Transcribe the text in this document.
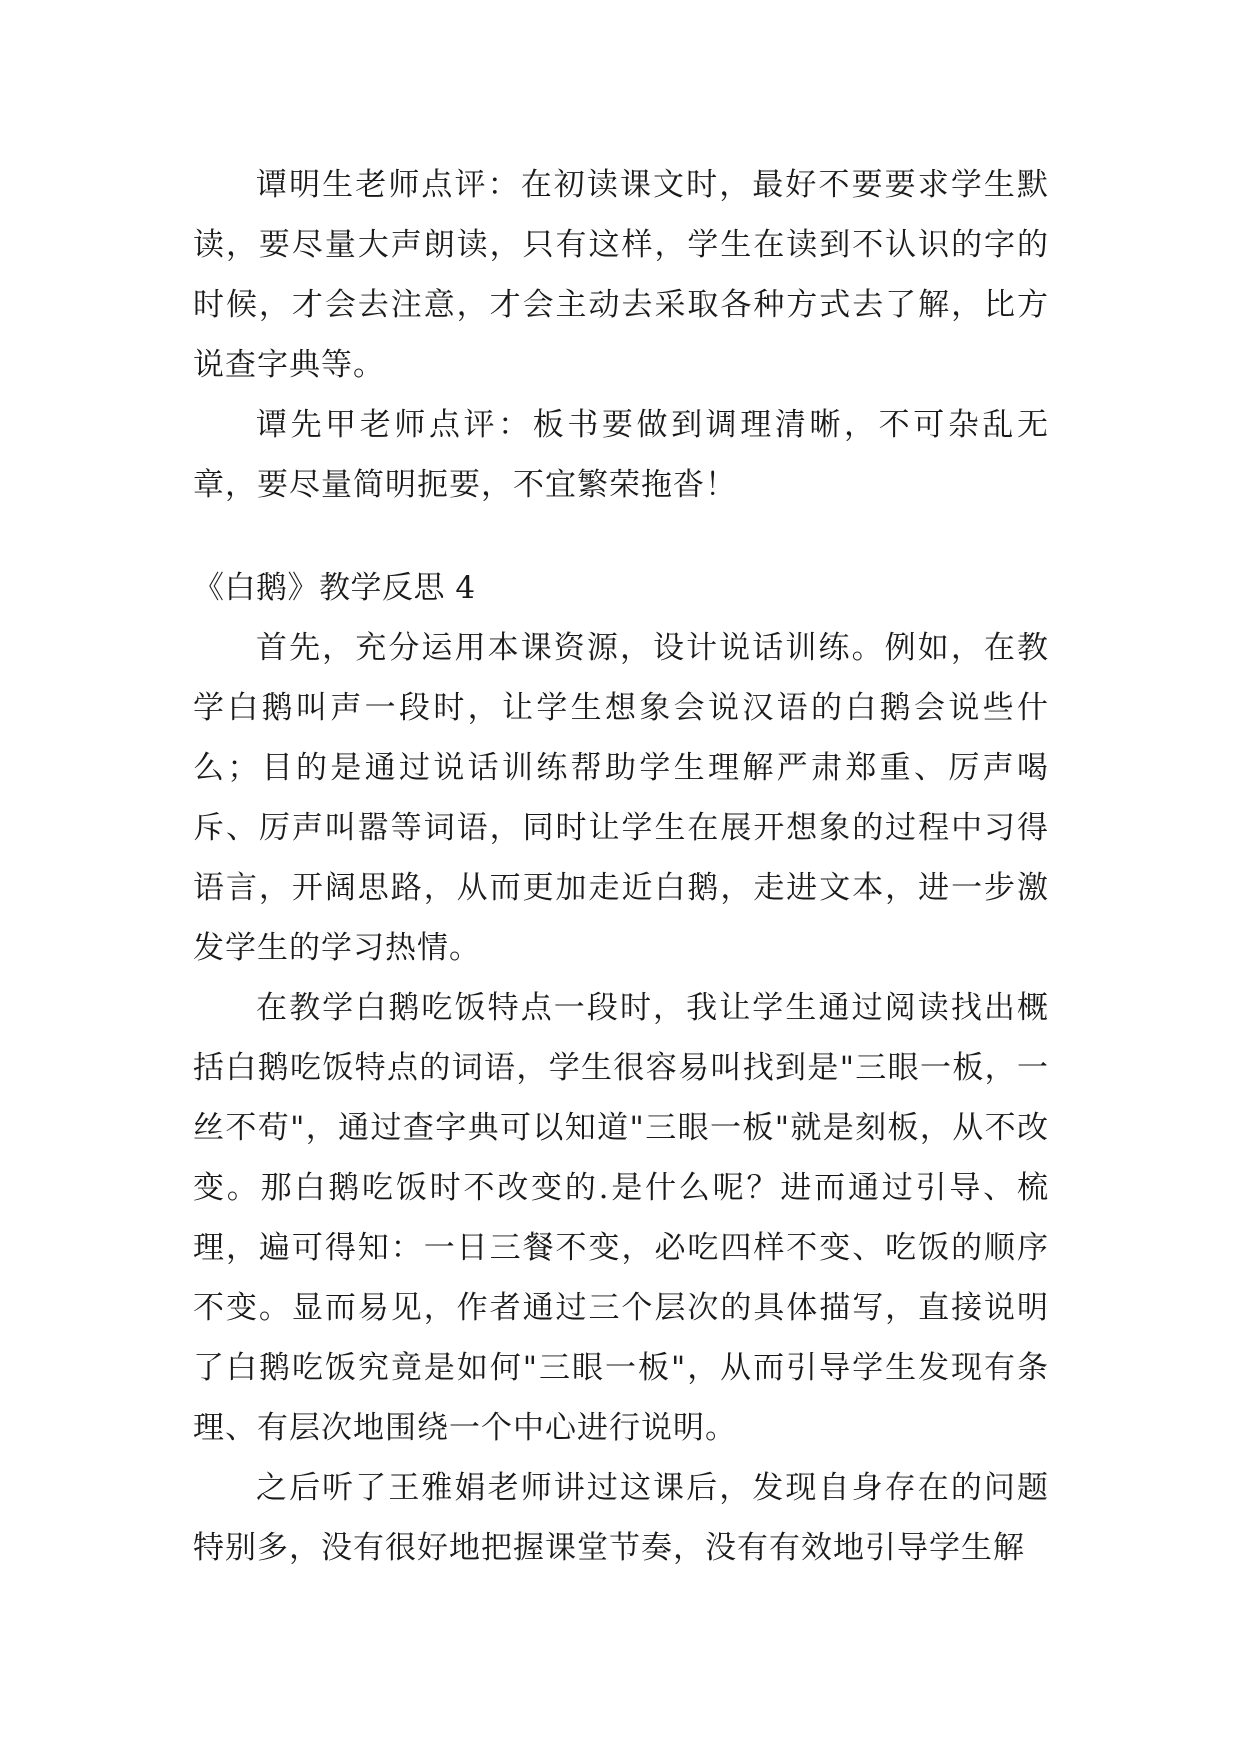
谭明生老师点评：在初读课文时，最好不要要求学生默读，要尽量大声朗读，只有这样，学生在读到不认识的字的时候，才会去注意，才会主动去采取各种方式去了解，比方说查字典等。

谭先甲老师点评：板书要做到调理清晰，不可杂乱无章，要尽量简明扼要，不宜繁荣拖沓！

《白鹅》教学反思 4

首先，充分运用本课资源，设计说话训练。例如，在教学白鹅叫声一段时，让学生想象会说汉语的白鹅会说些什么；目的是通过说话训练帮助学生理解严肃郑重、厉声喝斥、厉声叫嚣等词语，同时让学生在展开想象的过程中习得语言，开阔思路，从而更加走近白鹅，走进文本，进一步激发学生的学习热情。

在教学白鹅吃饭特点一段时，我让学生通过阅读找出概括白鹅吃饭特点的词语，学生很容易叫找到是"三眼一板，一丝不苟"，通过查字典可以知道"三眼一板"就是刻板，从不改变。那白鹅吃饭时不改变的.是什么呢？进而通过引导、梳理，遍可得知：一日三餐不变，必吃四样不变、吃饭的顺序不变。显而易见，作者通过三个层次的具体描写，直接说明了白鹅吃饭究竟是如何"三眼一板"，从而引导学生发现有条理、有层次地围绕一个中心进行说明。

之后听了王雅娟老师讲过这课后，发现自身存在的问题特别多，没有很好地把握课堂节奏，没有有效地引导学生解
